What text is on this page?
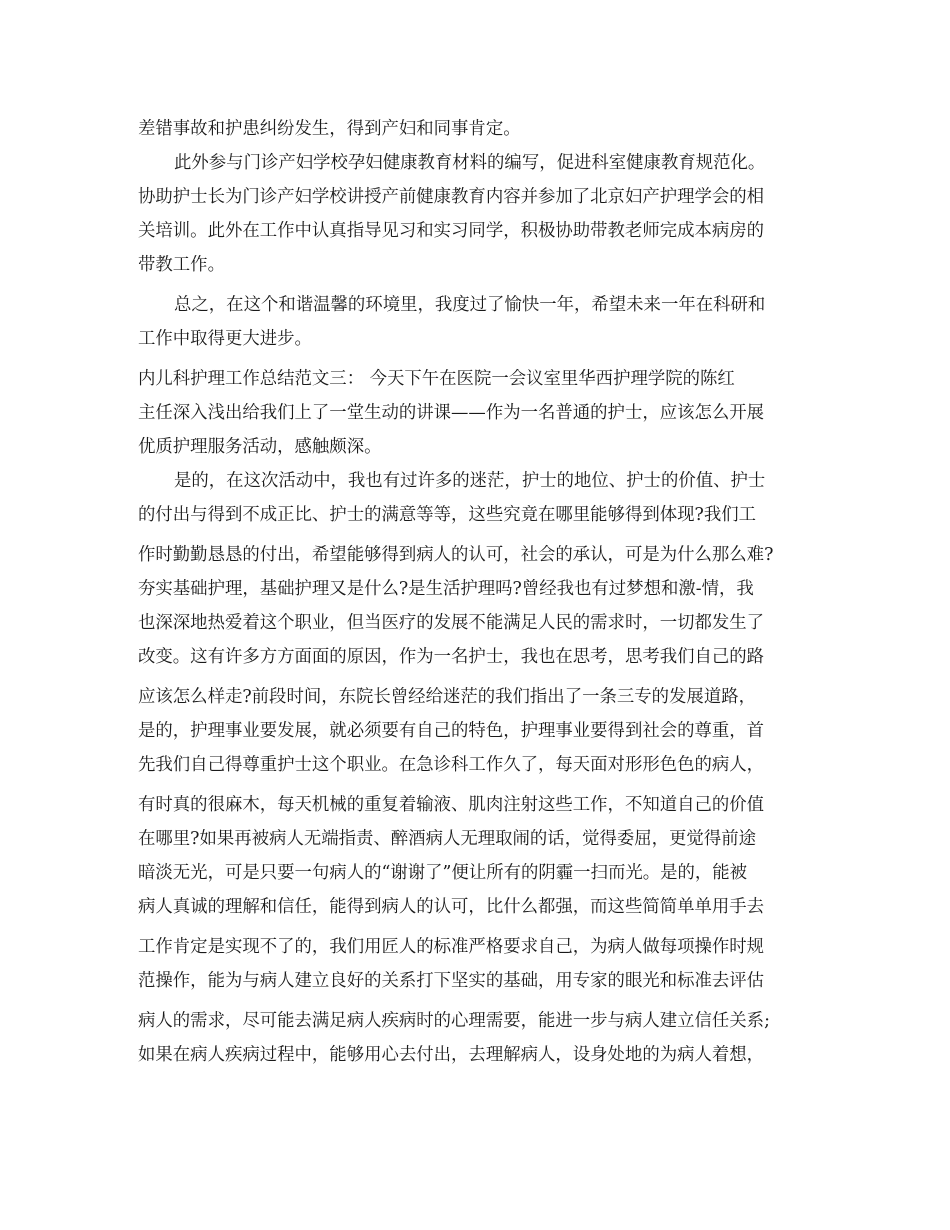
差错事故和护患纠纷发生，得到产妇和同事肯定。
此外参与门诊产妇学校孕妇健康教育材料的编写，促进科室健康教育规范化。
协助护士长为门诊产妇学校讲授产前健康教育内容并参加了北京妇产护理学会的相
关培训。此外在工作中认真指导见习和实习同学，积极协助带教老师完成本病房的
带教工作。
总之，在这个和谐温馨的环境里，我度过了愉快一年，希望未来一年在科研和
工作中取得更大进步。
内儿科护理工作总结范文三： 今天下午在医院一会议室里华西护理学院的陈红
主任深入浅出给我们上了一堂生动的讲课——作为一名普通的护士，应该怎么开展
优质护理服务活动，感触颇深。
是的，在这次活动中，我也有过许多的迷茫，护士的地位、护士的价值、护士
的付出与得到不成正比、护士的满意等等，这些究竟在哪里能够得到体现?我们工
作时勤勤恳恳的付出，希望能够得到病人的认可，社会的承认，可是为什么那么难?
夯实基础护理，基础护理又是什么?是生活护理吗?曾经我也有过梦想和激-情，我
也深深地热爱着这个职业，但当医疗的发展不能满足人民的需求时，一切都发生了
改变。这有许多方方面面的原因，作为一名护士，我也在思考，思考我们自己的路
应该怎么样走?前段时间，东院长曾经给迷茫的我们指出了一条三专的发展道路，
是的，护理事业要发展，就必须要有自己的特色，护理事业要得到社会的尊重，首
先我们自己得尊重护士这个职业。在急诊科工作久了，每天面对形形色色的病人，
有时真的很麻木，每天机械的重复着输液、肌肉注射这些工作，不知道自己的价值
在哪里?如果再被病人无端指责、醉酒病人无理取闹的话，觉得委屈，更觉得前途
暗淡无光，可是只要一句病人的“谢谢了”便让所有的阴霾一扫而光。是的，能被
病人真诚的理解和信任，能得到病人的认可，比什么都强，而这些简简单单用手去
工作肯定是实现不了的，我们用匠人的标准严格要求自己，为病人做每项操作时规
范操作，能为与病人建立良好的关系打下坚实的基础，用专家的眼光和标准去评估
病人的需求，尽可能去满足病人疾病时的心理需要，能进一步与病人建立信任关系;
如果在病人疾病过程中，能够用心去付出，去理解病人，设身处地的为病人着想，
